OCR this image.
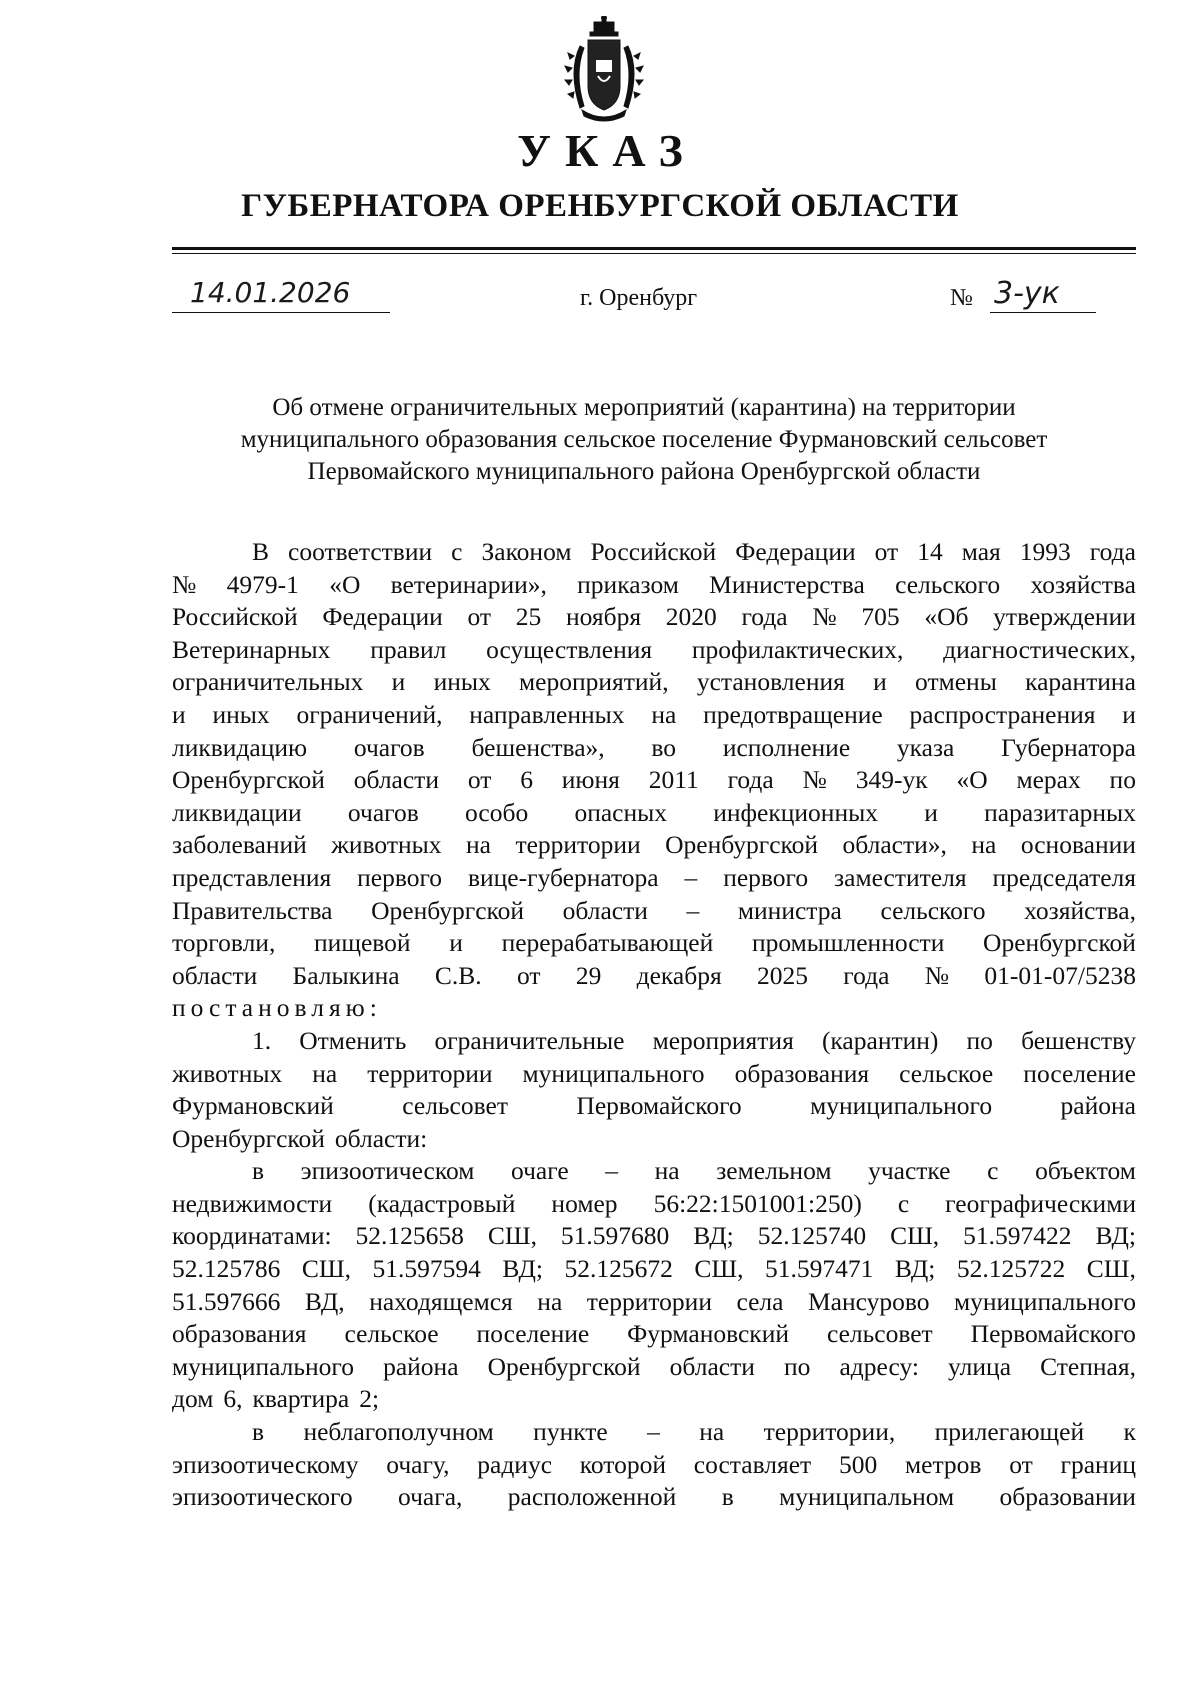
УКАЗ
ГУБЕРНАТОРА ОРЕНБУРГСКОЙ ОБЛАСТИ
14.01.2026	г. Оренбург	№ 3-ук
Об отмене ограничительных мероприятий (карантина) на территории
муниципального образования сельское поселение Фурмановский сельсовет
Первомайского муниципального района Оренбургской области
В соответствии с Законом Российской Федерации от 14 мая 1993 года
№ 4979-1 «О ветеринарии», приказом Министерства сельского хозяйства
Российской Федерации от 25 ноября 2020 года № 705 «Об утверждении
Ветеринарных правил осуществления профилактических, диагностических,
ограничительных и иных мероприятий, установления и отмены карантина
и иных ограничений, направленных на предотвращение распространения и
ликвидацию очагов бешенства», во исполнение указа Губернатора
Оренбургской области от 6 июня 2011 года № 349-ук «О мерах по
ликвидации очагов особо опасных инфекционных и паразитарных
заболеваний животных на территории Оренбургской области», на основании
представления первого вице-губернатора – первого заместителя председателя
Правительства Оренбургской области – министра сельского хозяйства,
торговли, пищевой и перерабатывающей промышленности Оренбургской
области Балыкина С.В. от 29 декабря 2025 года № 01-01-07/5238
постановляю:
1. Отменить ограничительные мероприятия (карантин) по бешенству
животных на территории муниципального образования сельское поселение
Фурмановский	сельсовет	Первомайского	муниципального	района
Оренбургской области:
в эпизоотическом очаге – на земельном участке с объектом
недвижимости (кадастровый номер 56:22:1501001:250) с географическими
координатами: 52.125658 СШ, 51.597680 ВД; 52.125740 СШ, 51.597422 ВД;
52.125786 СШ, 51.597594 ВД; 52.125672 СШ, 51.597471 ВД; 52.125722 СШ,
51.597666 ВД, находящемся на территории села Мансурово муниципального
образования сельское поселение Фурмановский сельсовет Первомайского
муниципального района Оренбургской области по адресу: улица Степная,
дом 6, квартира 2;
в неблагополучном пункте – на территории, прилегающей к
эпизоотическому очагу, радиус которой составляет 500 метров от границ
эпизоотического очага, расположенной в муниципальном образовании
